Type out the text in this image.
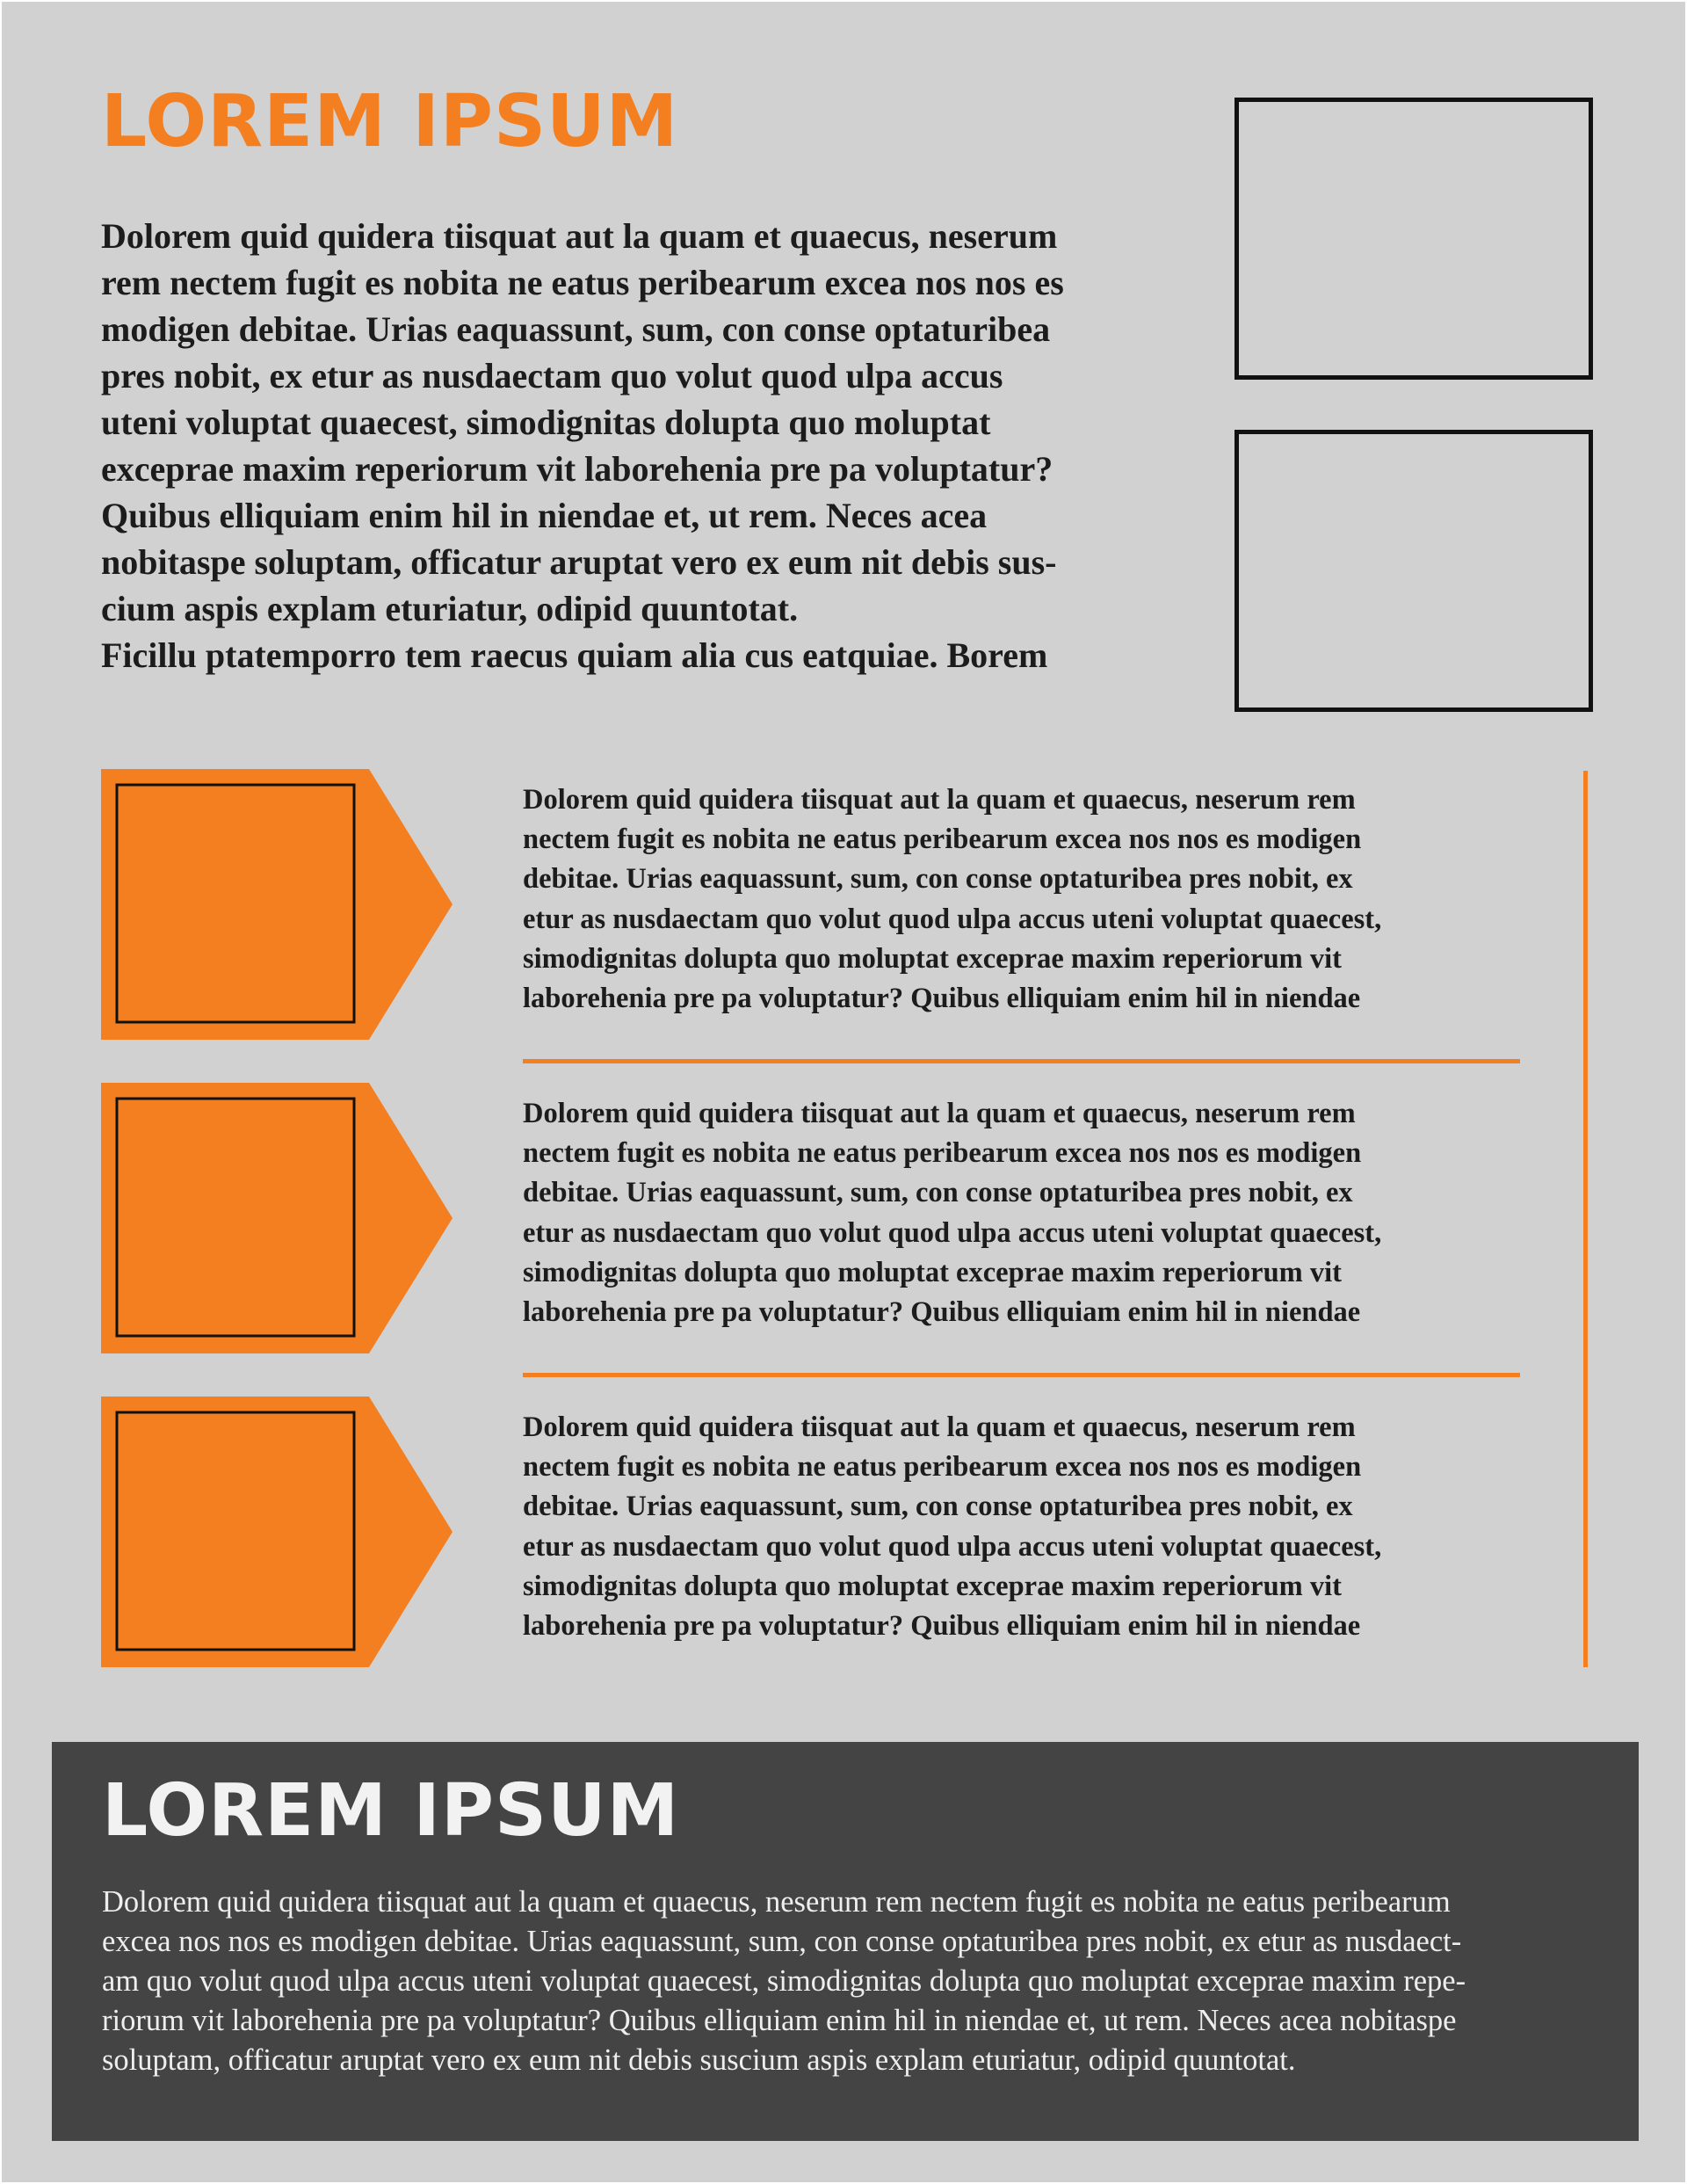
LOREM IPSUM

Dolorem quid quidera tiisquat aut la quam et quaecus, neserum
rem nectem fugit es nobita ne eatus peribearum excea nos nos es
modigen debitae. Urias eaquassunt, sum, con conse optaturibea
pres nobit, ex etur as nusdaectam quo volut quod ulpa accus
uteni voluptat quaecest, simodignitas dolupta quo moluptat
exceprae maxim reperiorum vit laborehenia pre pa voluptatur?
Quibus elliquiam enim hil in niendae et, ut rem. Neces acea
nobitaspe soluptam, officatur aruptat vero ex eum nit debis sus-
cium aspis explam eturiatur, odipid quuntotat.
Ficillu ptatemporro tem raecus quiam alia cus eatquiae. Borem

Dolorem quid quidera tiisquat aut la quam et quaecus, neserum rem
nectem fugit es nobita ne eatus peribearum excea nos nos es modigen
debitae. Urias eaquassunt, sum, con conse optaturibea pres nobit, ex
etur as nusdaectam quo volut quod ulpa accus uteni voluptat quaecest,
simodignitas dolupta quo moluptat exceprae maxim reperiorum vit
laborehenia pre pa voluptatur? Quibus elliquiam enim hil in niendae

Dolorem quid quidera tiisquat aut la quam et quaecus, neserum rem
nectem fugit es nobita ne eatus peribearum excea nos nos es modigen
debitae. Urias eaquassunt, sum, con conse optaturibea pres nobit, ex
etur as nusdaectam quo volut quod ulpa accus uteni voluptat quaecest,
simodignitas dolupta quo moluptat exceprae maxim reperiorum vit
laborehenia pre pa voluptatur? Quibus elliquiam enim hil in niendae

Dolorem quid quidera tiisquat aut la quam et quaecus, neserum rem
nectem fugit es nobita ne eatus peribearum excea nos nos es modigen
debitae. Urias eaquassunt, sum, con conse optaturibea pres nobit, ex
etur as nusdaectam quo volut quod ulpa accus uteni voluptat quaecest,
simodignitas dolupta quo moluptat exceprae maxim reperiorum vit
laborehenia pre pa voluptatur? Quibus elliquiam enim hil in niendae

LOREM IPSUM

Dolorem quid quidera tiisquat aut la quam et quaecus, neserum rem nectem fugit es nobita ne eatus peribearum
excea nos nos es modigen debitae. Urias eaquassunt, sum, con conse optaturibea pres nobit, ex etur as nusdaect-
am quo volut quod ulpa accus uteni voluptat quaecest, simodignitas dolupta quo moluptat exceprae maxim repe-
riorum vit laborehenia pre pa voluptatur? Quibus elliquiam enim hil in niendae et, ut rem. Neces acea nobitaspe
soluptam, officatur aruptat vero ex eum nit debis suscium aspis explam eturiatur, odipid quuntotat.
